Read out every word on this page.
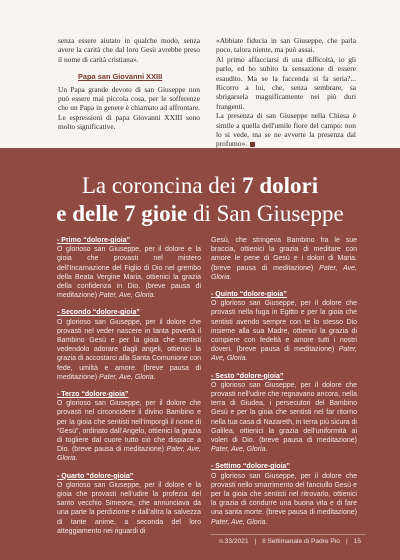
senza essere aiutato in qualche modo, senza avere la carità che dal loro Gesù avrebbe preso il nome di carità cristiana».

Papa san Giovanni XXIII

Un Papa grande devoto di san Giuseppe non può essere mai piccola cosa, per le sofferenze che un Papa in genere è chiamato ad affrontare. Le espressioni di papa Giovanni XXIII sono molto significative.

«Abbiate fiducia in san Giuseppe, che parla poco, talora niente, ma può assai.

Al primo affacciarsi di una difficoltà, io gli parlo, ed ho subito la sensazione di essere esaudito. Ma se la faccenda si fa seria?... Ricorro a lui, che, senza sembrare, sa sbrigarsela magnificamente nei più duri frangenti.

La presenza di san Giuseppe nella Chiesa è simile a quella dell'umile fiore del campo: non lo si vede, ma se ne avverte la presenza dal profumo».

La coroncina dei 7 dolori
e delle 7 gioie di San Giuseppe
- Primo “dolore-gioia”
O glorioso san Giuseppe, per il dolore e la gioia che provasti nel mistero dell’Incarnazione del Figlio di Dio nel grembo della Beata Vergine Maria, ottienici la grazia della confidenza in Dio. (breve pausa di meditazione) Pater, Ave, Gloria.
- Secondo “dolore-gioia”
O glorioso san Giuseppe, per il dolore che provasti nel veder nascere in tanta povertà il Bambino Gesù e per la gioia che sentisti vedendolo adorare dagli angeli, ottienici la grazia di accostarci alla Santa Comunione con fede, umiltà e amore. (breve pausa di meditazione) Pater, Ave, Gloria.
- Terzo “dolore-gioia”
O glorioso san Giuseppe, per il dolore che provasti nel circoncidere il divino Bambino e per la gioia che sentisti nell’imporgli il nome di “Gesù”, ordinato dall’Angelo, ottienici la grazia di togliere dal cuore tutto ciò che dispiace a Dio. (breve pausa di meditazione) Pater, Ave, Gloria.
- Quarto “dolore-gioia”
O glorioso san Giuseppe, per il dolore e la gioia che provasti nell’udire la profezia del santo vecchio Simeone, che annunciava da una parte la perdizione e dall’altra la salvezza di tante anime, a seconda del loro atteggiamento nei riguardi di
Gesù, che stringeva Bambino fra le sue braccia, ottienici la grazia di meditare con amore le pene di Gesù e i dolori di Maria. (breve pausa di meditazione) Pater, Ave, Gloria.
- Quinto “dolore-gioia”
O glorioso san Giuseppe, per il dolore che provasti nella fuga in Egitto e per la gioia che sentisti avendo sempre con te lo stesso Dio insieme alla sua Madre, ottienici la grazia di compiere con fedeltà e amore tutti i nostri doveri. (breve pausa di meditazione) Pater, Ave, Gloria.
- Sesto “dolore-gioia”
O glorioso san Giuseppe, per il dolore che provasti nell’udire che regnavano ancora, nella terra di Giudea, i persecutori del Bambino Gesù e per la gioia che sentisti nel far ritorno nella tua casa di Nazareth, in terra più sicura di Galilea, ottienici la grazia dell’uniformità ai voleri di Dio. (breve pausa di meditazione) Pater, Ave, Gloria.
- Settimo “dolore-gioia”
O glorioso san Giuseppe, per il dolore che provasti nello smarrimento del fanciullo Gesù e per la gioia che sentisti nel ritrovarlo, ottienici la grazia di condurre una buona vita e di fare una santa morte. (breve pausa di meditazione) Pater, Ave, Gloria.
n.33/2021 | Il Settimanale di Padre Pio | 15
